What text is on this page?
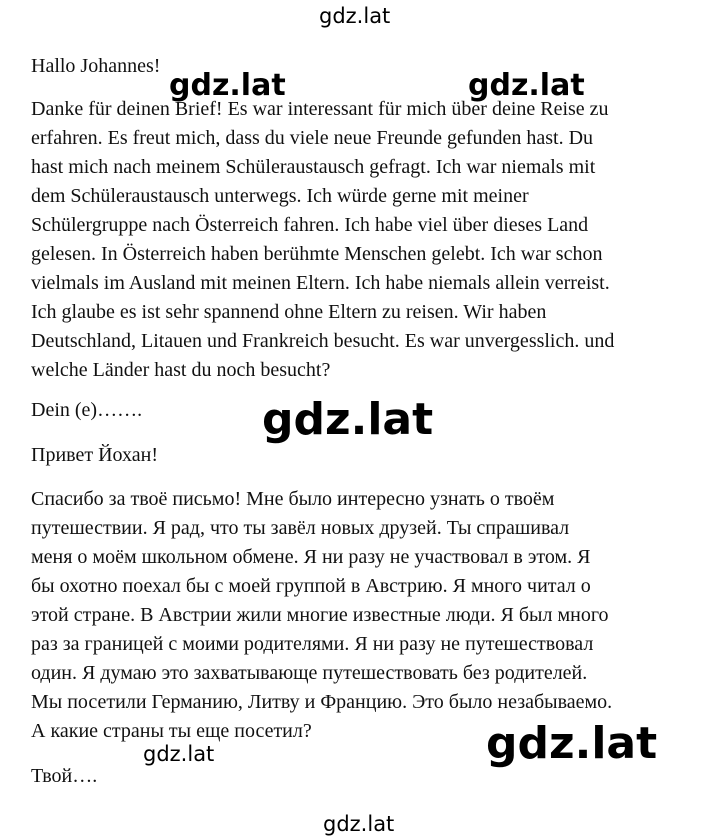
gdz.lat
gdz.lat	gdz.lat
gdz.lat
gdz.lat
gdz.lat
gdz.lat
Hallo Johannes!
Danke für deinen Brief! Es war interessant für mich über deine Reise zu
erfahren. Es freut mich, dass du viele neue Freunde gefunden hast. Du
hast mich nach meinem Schüleraustausch gefragt. Ich war niemals mit
dem Schüleraustausch unterwegs. Ich würde gerne mit meiner
Schülergruppe nach Österreich fahren. Ich habe viel über dieses Land
gelesen. In Österreich haben berühmte Menschen gelebt. Ich war schon
vielmals im Ausland mit meinen Eltern. Ich habe niemals allein verreist.
Ich glaube es ist sehr spannend ohne Eltern zu reisen. Wir haben
Deutschland, Litauen und Frankreich besucht. Es war unvergesslich. und
welche Länder hast du noch besucht?
Dein (e)…….
Привет Йохан!
Спасибо за твоё письмо! Мне было интересно узнать о твоём
путешествии. Я рад, что ты завёл новых друзей. Ты спрашивал
меня о моём школьном обмене. Я ни разу не участвовал в этом. Я
бы охотно поехал бы с моей группой в Австрию. Я много читал о
этой стране. В Австрии жили многие известные люди. Я был много
раз за границей с моими родителями. Я ни разу не путешествовал
один. Я думаю это захватывающе путешествовать без родителей.
Мы посетили Германию, Литву и Францию. Это было незабываемо.
А какие страны ты еще посетил?
Твой….
